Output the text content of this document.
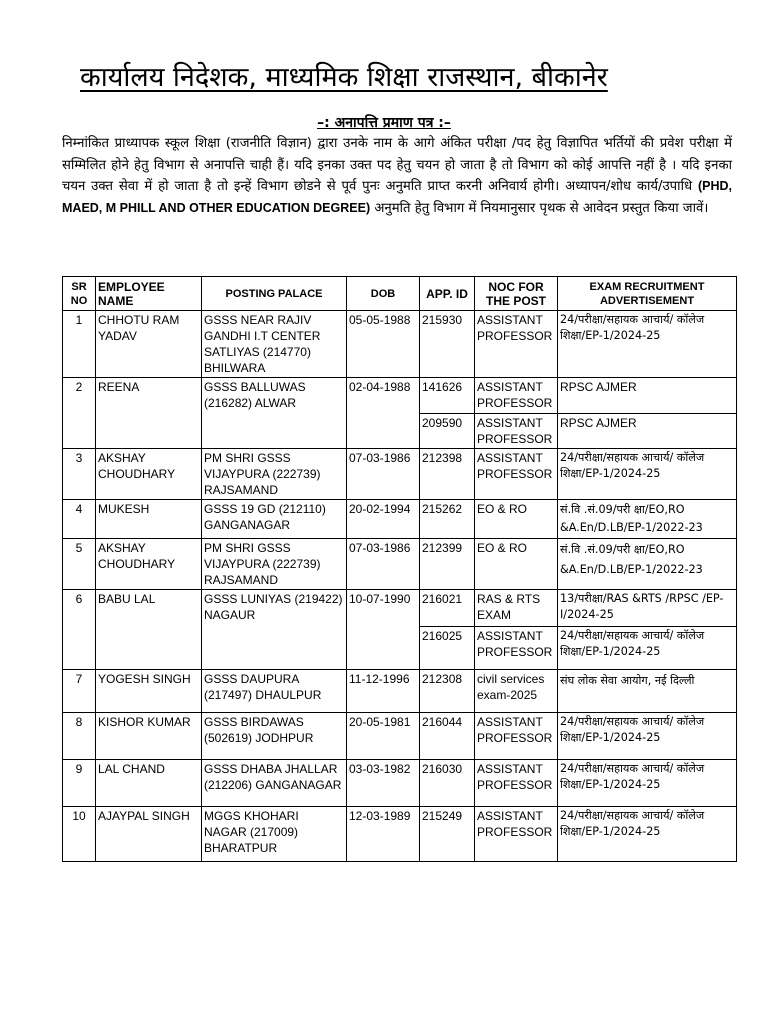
कार्यालय निदेशक, माध्यमिक शिक्षा राजस्थान, बीकानेर
–: अनापत्ति प्रमाण पत्र :–
निम्नांकित प्राध्यापक स्कूल शिक्षा (राजनीति विज्ञान) द्वारा उनके नाम के आगे अंकित परीक्षा /पद हेतु विज्ञापित भर्तियों की प्रवेश परीक्षा में सम्मिलित होने हेतु विभाग से अनापत्ति चाही हैं। यदि इनका उक्त पद हेतु चयन हो जाता है तो विभाग को कोई आपत्ति नहीं है । यदि इनका चयन उक्त सेवा में हो जाता है तो इन्हें विभाग छोडने से पूर्व पुनः अनुमति प्राप्त करनी अनिवार्य होगी। अध्यापन/शोध कार्य/उपाधि (PHD, MAED, M PHILL AND OTHER EDUCATION DEGREE) अनुमति हेतु विभाग में नियमानुसार पृथक से आवेदन प्रस्तुत किया जावें।
SR NO	EMPLOYEE NAME	POSTING PALACE	DOB	APP. ID	NOC FOR THE POST	EXAM RECRUITMENT ADVERTISEMENT
1	CHHOTU RAM YADAV	GSSS NEAR RAJIV GANDHI I.T CENTER SATLIYAS (214770) BHILWARA	05-05-1988	215930	ASSISTANT PROFESSOR	24/परीक्षा/सहायक आचार्य/ कॉलेज शिक्षा/EP-1/2024-25
2	REENA	GSSS BALLUWAS (216282) ALWAR	02-04-1988	141626	ASSISTANT PROFESSOR	RPSC AJMER
				209590	ASSISTANT PROFESSOR	RPSC AJMER
3	AKSHAY CHOUDHARY	PM SHRI GSSS VIJAYPURA (222739) RAJSAMAND	07-03-1986	212398	ASSISTANT PROFESSOR	24/परीक्षा/सहायक आचार्य/ कॉलेज शिक्षा/EP-1/2024-25
4	MUKESH	GSSS 19 GD (212110) GANGANAGAR	20-02-1994	215262	EO & RO	सं.वि .सं.09/परी क्षा/EO,RO &A.En/D.LB/EP-1/2022-23
5	AKSHAY CHOUDHARY	PM SHRI GSSS VIJAYPURA (222739) RAJSAMAND	07-03-1986	212399	EO & RO	सं.वि .सं.09/परी क्षा/EO,RO &A.En/D.LB/EP-1/2022-23
6	BABU LAL	GSSS LUNIYAS (219422) NAGAUR	10-07-1990	216021	RAS & RTS EXAM	13/परीक्षा/RAS &RTS /RPSC /EP-I/2024-25
				216025	ASSISTANT PROFESSOR	24/परीक्षा/सहायक आचार्य/ कॉलेज शिक्षा/EP-1/2024-25
7	YOGESH SINGH	GSSS DAUPURA (217497) DHAULPUR	11-12-1996	212308	civil services exam-2025	संघ लोक सेवा आयोग, नई दिल्ली
8	KISHOR KUMAR	GSSS BIRDAWAS (502619) JODHPUR	20-05-1981	216044	ASSISTANT PROFESSOR	24/परीक्षा/सहायक आचार्य/ कॉलेज शिक्षा/EP-1/2024-25
9	LAL CHAND	GSSS DHABA JHALLAR (212206) GANGANAGAR	03-03-1982	216030	ASSISTANT PROFESSOR	24/परीक्षा/सहायक आचार्य/ कॉलेज शिक्षा/EP-1/2024-25
10	AJAYPAL SINGH	MGGS KHOHARI NAGAR (217009) BHARATPUR	12-03-1989	215249	ASSISTANT PROFESSOR	24/परीक्षा/सहायक आचार्य/ कॉलेज शिक्षा/EP-1/2024-25
